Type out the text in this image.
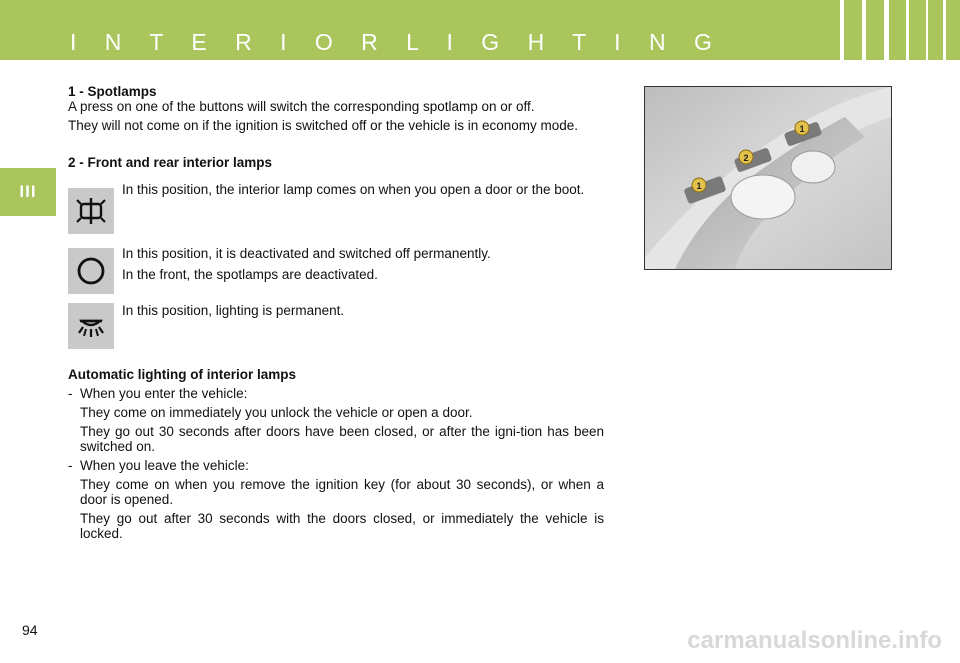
I N T E R I O R L I G H T I N G
III

1 - Spotlamps

A press on one of the buttons will switch the corresponding spotlamp on or off.

They will not come on if the ignition is switched off or the vehicle is in economy mode.

2 - Front and rear interior lamps

In this position, the interior lamp comes on when you open a door or the boot.

In this position, it is deactivated and switched off permanently.

In the front, the spotlamps are deactivated.

In this position, lighting is permanent.

Automatic lighting of interior lamps

- When you enter the vehicle:

They come on immediately you unlock the vehicle or open a door.

They go out 30 seconds after doors have been closed, or after the igni-tion has been switched on.

- When you leave the vehicle:

They come on when you remove the ignition key (for about 30 seconds), or when a door is opened.

They go out after 30 seconds with the doors closed, or immediately the vehicle is locked.

1
2
1
94	carmanualsonline.info
